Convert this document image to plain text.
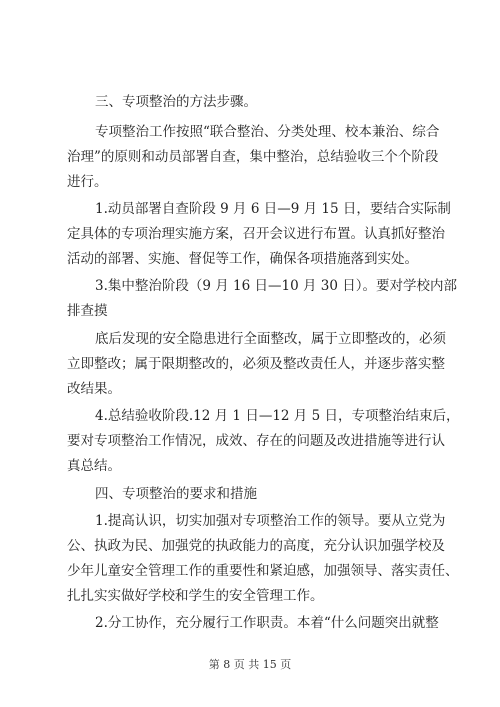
三、专项整治的方法步骤。
专项整治工作按照“联合整治、分类处理、校本兼治、综合
治理”的原则和动员部署自查，集中整治，总结验收三个个阶段
进行。
1.动员部署自查阶段 9 月 6 日—9 月 15 日，要结合实际制
定具体的专项治理实施方案，召开会议进行布置。认真抓好整治
活动的部署、实施、督促等工作，确保各项措施落到实处。
3.集中整治阶段（9 月 16 日—10 月 30 日）。要对学校内部
排查摸
底后发现的安全隐患进行全面整改，属于立即整改的，必须
立即整改；属于限期整改的，必须及整改责任人，并逐步落实整
改结果。
4.总结验收阶段.12 月 1 日—12 月 5 日，专项整治结束后，
要对专项整治工作情况，成效、存在的问题及改进措施等进行认
真总结。
四、专项整治的要求和措施
1.提高认识，切实加强对专项整治工作的领导。要从立党为
公、执政为民、加强党的执政能力的高度，充分认识加强学校及
少年儿童安全管理工作的重要性和紧迫感，加强领导、落实责任、
扎扎实实做好学校和学生的安全管理工作。
2.分工协作，充分履行工作职责。本着“什么问题突出就整
第 8 页 共 15 页
